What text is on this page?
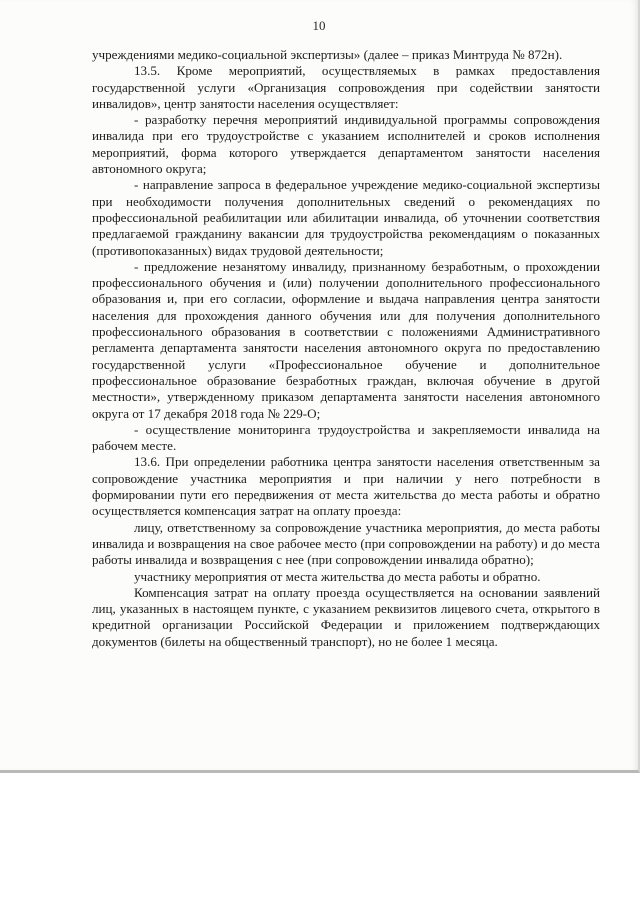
10

учреждениями медико-социальной экспертизы» (далее – приказ Минтруда № 872н).

13.5. Кроме мероприятий, осуществляемых в рамках предоставления государственной услуги «Организация сопровождения при содействии занятости инвалидов», центр занятости населения осуществляет:

- разработку перечня мероприятий индивидуальной программы сопровождения инвалида при его трудоустройстве с указанием исполнителей и сроков исполнения мероприятий, форма которого утверждается департаментом занятости населения автономного округа;

- направление запроса в федеральное учреждение медико-социальной экспертизы при необходимости получения дополнительных сведений о рекомендациях по профессиональной реабилитации или абилитации инвалида, об уточнении соответствия предлагаемой гражданину вакансии для трудоустройства рекомендациям о показанных (противопоказанных) видах трудовой деятельности;

- предложение незанятому инвалиду, признанному безработным, о прохождении профессионального обучения и (или) получении дополнительного профессионального образования и, при его согласии, оформление и выдача направления центра занятости населения для прохождения данного обучения или для получения дополнительного профессионального образования в соответствии с положениями Административного регламента департамента занятости населения автономного округа по предоставлению государственной услуги «Профессиональное обучение и дополнительное профессиональное образование безработных граждан, включая обучение в другой местности», утвержденному приказом департамента занятости населения автономного округа от 17 декабря 2018 года № 229-О;

- осуществление мониторинга трудоустройства и закрепляемости инвалида на рабочем месте.

13.6. При определении работника центра занятости населения ответственным за сопровождение участника мероприятия и при наличии у него потребности в формировании пути его передвижения от места жительства до места работы и обратно осуществляется компенсация затрат на оплату проезда:

лицу, ответственному за сопровождение участника мероприятия, до места работы инвалида и возвращения на свое рабочее место (при сопровождении на работу) и до места работы инвалида и возвращения с нее (при сопровождении инвалида обратно);

участнику мероприятия от места жительства до места работы и обратно.

Компенсация затрат на оплату проезда осуществляется на основании заявлений лиц, указанных в настоящем пункте, с указанием реквизитов лицевого счета, открытого в кредитной организации Российской Федерации и приложением подтверждающих документов (билеты на общественный транспорт), но не более 1 месяца.
